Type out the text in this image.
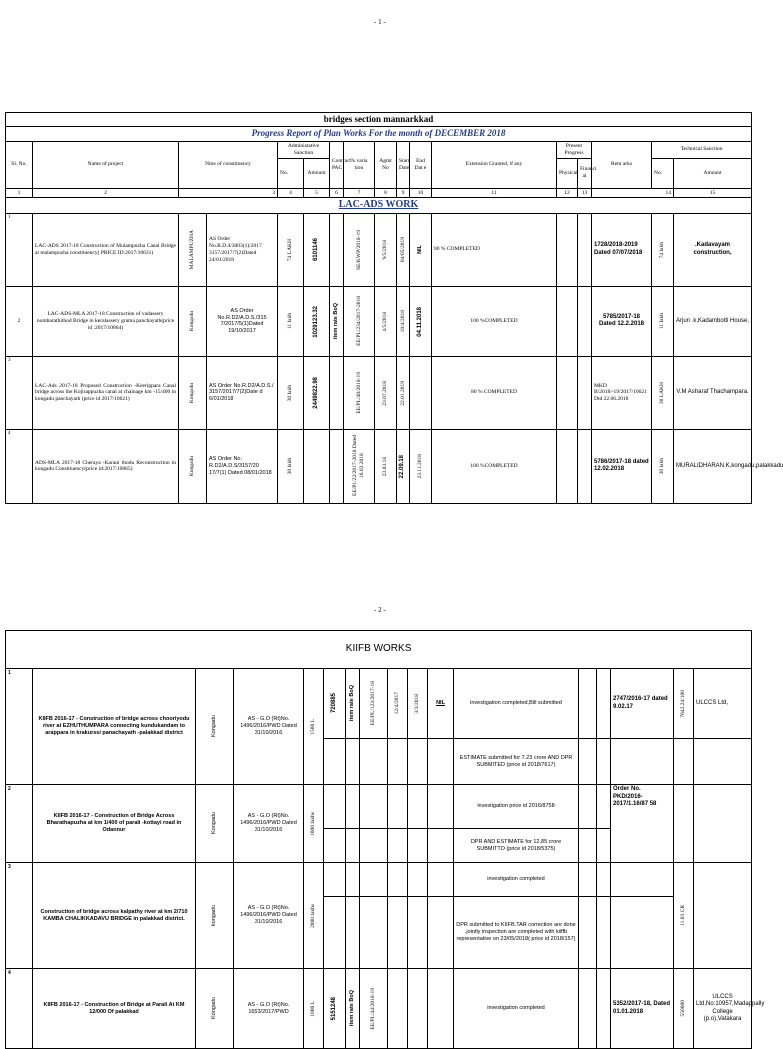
- 1 -
bridges section mannarkkad																	
Progress Report of Plan Works For the month of DECEMBER 2018																	
Sl. No.	Name of project	Nme of constituency		Administative Sanction		Contract PAC	% varia tion	Agmt No	Start Date	End Dat e	Extension Granted, if any	Present Progress		Rem arks	Technical Sanction	
				No.	Amount							Physical	Financi al		No.	Amount	
1	2	3		4	5	6	7	8	9	10	11	12	13	14		15	
LAC-ADS WORK																	
1	LAC-ADS 2017-18 Construction of Mulampuzha Canal Bridge at malampuzha constituency( PRICE ID:2017/10631)	MALAMPUZHA	AS Order No.R.D.4/3003(1)/2017 3157/2017/7(2)Dated 24/01/2018	74 LAKH	6101146		SE/KWP/2018-19	9/5/2018	04/05/2019	NIL	80 % COMPLETED			1728/2018-2019 Dated 07/07/2018	74 lakh	.Kadavayam construction,	
2	LAC-ADS-MLA 2017-18 Construction of vadassery nombarathithod Bridge in keralassery grama panchayath(price id :2017/10864)	Kongadu	AS Order No.R.D2/A.D.S./315 7/2017/5(1)Dated 19/10/2017	11 lakh	1029123.32	item rate BoQ	EE/PL/234/2017-2018	4/5/2018	10/4/2018	04.11.2018	100 %COMPLETED			5785/2017-18 Dated 12.2.2018	11 lakh	Arjun .k,Kadambotti House,	
3	LAC-Ads 2017-18 Proposed Construction -Keerippara Canal bridge across the Kojirappuzha canal at chainage km -15/400 in kongadu panchayath (price id 2017/10621)	Kongadu	AS Order No.R.D2/A.D.S./ 3157/2017/7(2)Date d 6/01/2018	30 lakh	2449822.98		EE/PL/40/2018-19	23.07.2018	22.01.2019		80 % COMPLETED			MKD B/2018/-19/2017/10621 Dtd 22.06.2018	30 LAKH	V.M Asharaf Thachampara.	
4	ADS-MLA 2017-18 Cheraya -Karani thodu Reconstruction in kongadu Constituency(price id:2017/10865)	Kongadu	AS Order No. R.D2/A.D.S/3157/20 17/7(1) Dated 08/01/2018	30 lakh			EE/P1/22/2017-2018 Dated 16.03.2018	23.03.18	22.09.18	23.11.2018	100 %COMPLETED			5786/2017-18 dated 12.02.2018	30 lakh	MURALIDHARAN.K,kongadu,palakkadu	
- 2 -
KIIFB WORKS																
1	KIIFB 2016-17 - Construction of bridge across chooriyodu river at EZHUTHUMPARA connecting kundukandam to arappara in krakurssi panachayath -palakkad district	Kongadu	AS - G.O (Rt)No. 1496/2016/PWD Dated 31/10/2016	1500 L	720885	item rate BoQ	EE/PL/123/2017-18	12/4/2017	3/3/2018	NIL	investigation completed,Bill submitted			2747/2016-17 dated 9.02.17	7642.24/100	ULCCS Ltd,
											ESTIMATE submitted for 7.23 crore AND DPR SUBMITED (price id 2018/7617)					
2	KIIFB 2016-17 - Construction of Bridge Across Bharathapuzha at km 1/400 of parali -kottayi road in Odannur	Kongadu	AS - G.O (Rt)No. 1496/2016/PWD Dated 31/10/2016	1000 lakhs							investigation price id 2016/8758			Order No. PKD/2016-2017/1.16/87 58		
											DPR AND ESTIMATE for 12.85 crore SUBMITTO (price id 2018/5375)					
3	Construction of bridge across kalpathy river at km 2/710 KAMBA CHALIKKADAVU BRIDGE in palakkad district.	kongadu	AS - G.O (Rt)No. 1496/2016/PWD Dated 31/10/2016	2000 lakhs							investigation completed				11.03 CR	

											DPR submitted to KIIFB.TAR correction are done .jointly inspection are completed with kiiffb representative on 23/05/2018( price id 2018/157)					
4	KIIFB 2016-17 - Construction of Bridge at Parali At KM 12/000 Of palakkad	Kongadu	AS - G.O (Rt)No. 1653/2017/PWD	1000 L	5151248	item rate BoQ	EE/PL/44/2018-19				investigation completed			5352/2017-18, Dated 01.01.2018	550000	ULCCS Ltd,No:10957,Madappally College (p.o),Vatakara
